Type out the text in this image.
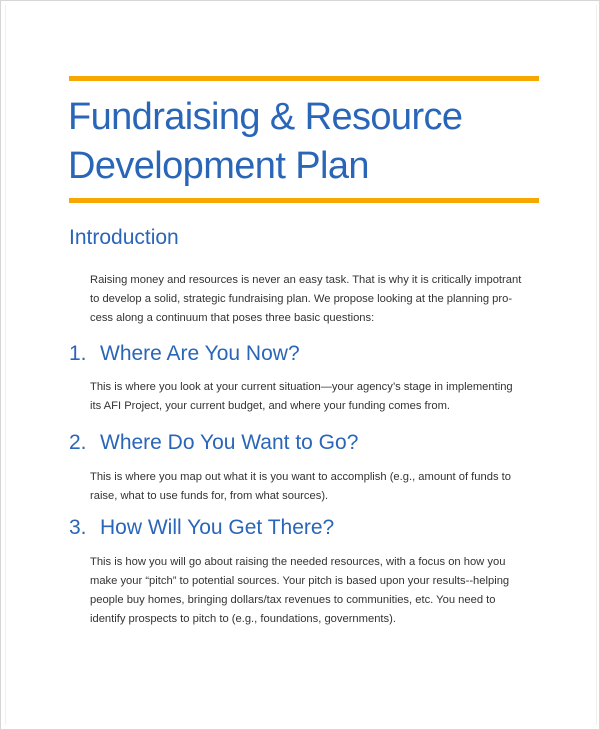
Fundraising & Resource
Development Plan
Introduction

Raising money and resources is never an easy task. That is why it is critically impotrant
to develop a solid, strategic fundraising plan. We propose looking at the planning pro-
cess along a continuum that poses three basic questions:

1. Where Are You Now?

This is where you look at your current situation—your agency’s stage in implementing
its AFI Project, your current budget, and where your funding comes from.

2. Where Do You Want to Go?

This is where you map out what it is you want to accomplish (e.g., amount of funds to
raise, what to use funds for, from what sources).

3. How Will You Get There?

This is how you will go about raising the needed resources, with a focus on how you
make your “pitch” to potential sources. Your pitch is based upon your results--helping
people buy homes, bringing dollars/tax revenues to communities, etc. You need to
identify prospects to pitch to (e.g., foundations, governments).
